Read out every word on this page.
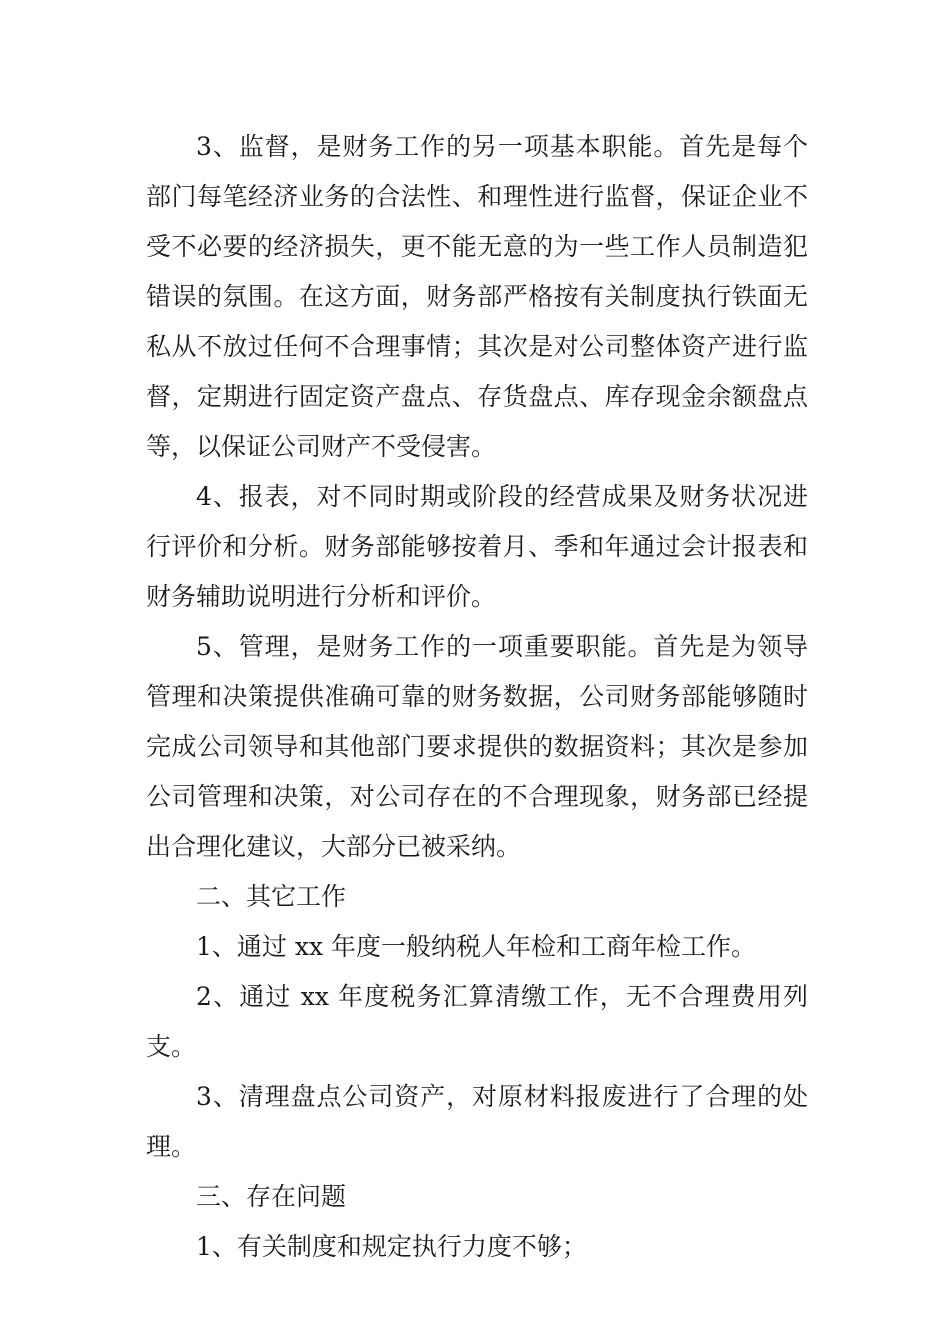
3、监督，是财务工作的另一项基本职能。首先是每个部门每笔经济业务的合法性、和理性进行监督，保证企业不受不必要的经济损失，更不能无意的为一些工作人员制造犯错误的氛围。在这方面，财务部严格按有关制度执行铁面无私从不放过任何不合理事情；其次是对公司整体资产进行监督，定期进行固定资产盘点、存货盘点、库存现金余额盘点等，以保证公司财产不受侵害。

4、报表，对不同时期或阶段的经营成果及财务状况进行评价和分析。财务部能够按着月、季和年通过会计报表和财务辅助说明进行分析和评价。

5、管理，是财务工作的一项重要职能。首先是为领导管理和决策提供准确可靠的财务数据，公司财务部能够随时完成公司领导和其他部门要求提供的数据资料；其次是参加公司管理和决策，对公司存在的不合理现象，财务部已经提出合理化建议，大部分已被采纳。

二、其它工作

1、通过 xx 年度一般纳税人年检和工商年检工作。

2、通过 xx 年度税务汇算清缴工作，无不合理费用列支。

3、清理盘点公司资产，对原材料报废进行了合理的处理。

三、存在问题

1、有关制度和规定执行力度不够；
